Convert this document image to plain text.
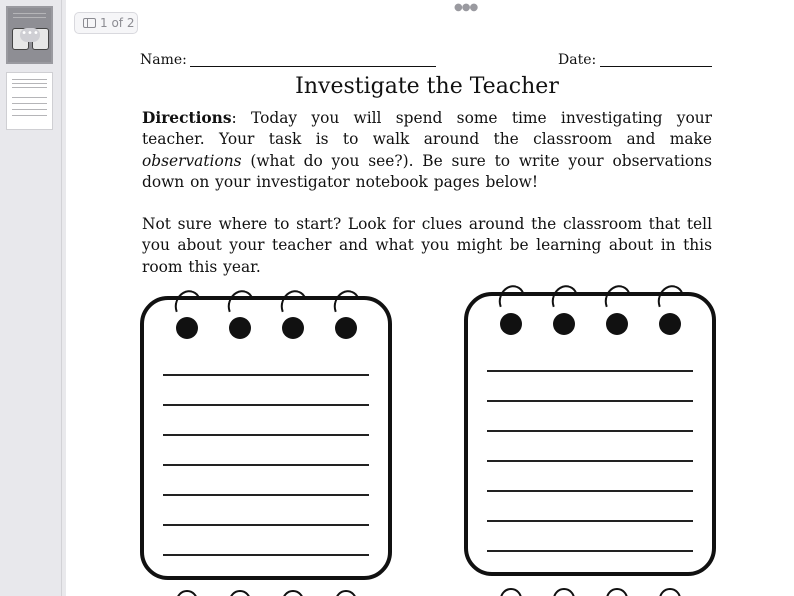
•••
●●●
1 of 2
Name:	Date:
Investigate the Teacher

Directions: Today you will spend some time investigating your teacher. Your task is to walk around the classroom and make observations (what do you see?). Be sure to write your observations down on your investigator notebook pages below!

Not sure where to start? Look for clues around the classroom that tell you about your teacher and what you might be learning about in this room this year.
